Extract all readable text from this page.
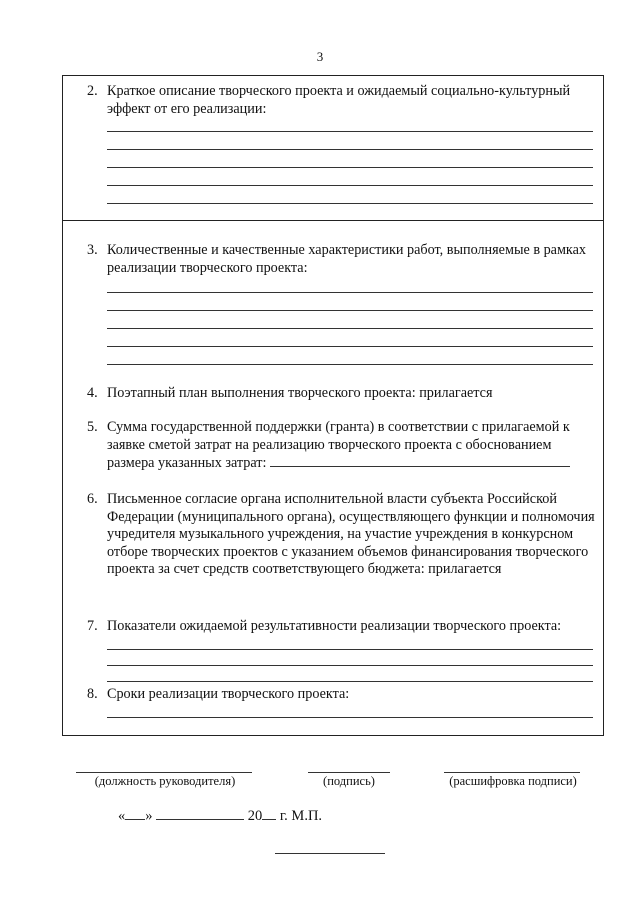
3
2. Краткое описание творческого проекта и ожидаемый социально-культурный эффект от его реализации:
3. Количественные и качественные характеристики работ, выполняемые в рамках реализации творческого проекта:
4. Поэтапный план выполнения творческого проекта: прилагается
5. Сумма государственной поддержки (гранта) в соответствии с прилагаемой к заявке сметой затрат на реализацию творческого проекта с обоснованием размера указанных затрат:
6. Письменное согласие органа исполнительной власти субъекта Российской Федерации (муниципального органа), осуществляющего функции и полномочия учредителя музыкального учреждения, на участие учреждения в конкурсном отборе творческих проектов с указанием объемов финансирования творческого проекта за счет средств соответствующего бюджета: прилагается
7. Показатели ожидаемой результативности реализации творческого проекта:
8. Сроки реализации творческого проекта:
(должность руководителя)	(подпись)	(расшифровка подписи)
« »	20 г. М.П.
